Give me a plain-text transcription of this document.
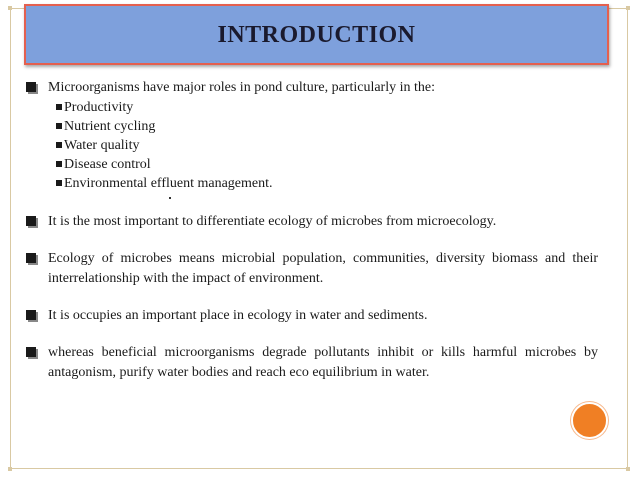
INTRODUCTION
Microorganisms have major roles in pond culture, particularly in the:
Productivity
Nutrient cycling
Water quality
Disease control
Environmental effluent management.
It is the most important to differentiate ecology of microbes from microecology.
Ecology of microbes means microbial population, communities, diversity biomass and their interrelationship with the impact of environment.
It is occupies an important place in ecology in water and sediments.
whereas beneficial microorganisms degrade pollutants inhibit or kills harmful microbes by antagonism, purify water bodies and reach eco equilibrium in water.
